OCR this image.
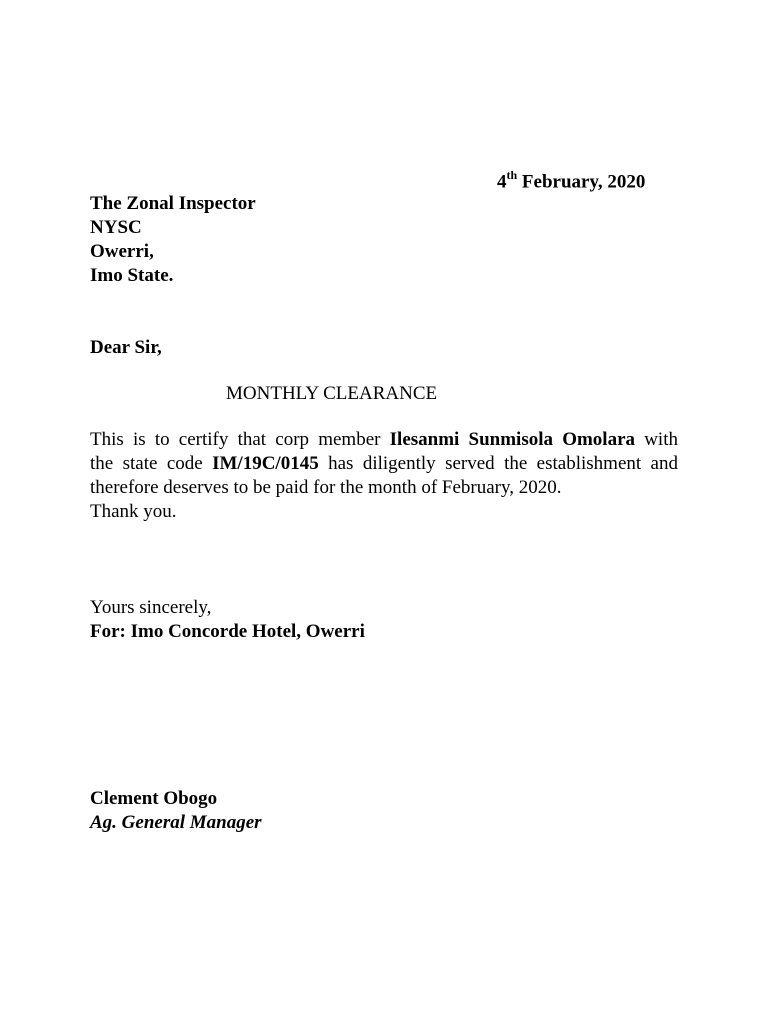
4th February, 2020
The Zonal Inspector
NYSC
Owerri,
Imo State.
Dear Sir,
MONTHLY CLEARANCE
This is to certify that corp member Ilesanmi Sunmisola Omolara with
the state code IM/19C/0145 has diligently served the establishment and
therefore deserves to be paid for the month of February, 2020.
Thank you.
Yours sincerely,
For: Imo Concorde Hotel, Owerri
Clement Obogo
Ag. General Manager
